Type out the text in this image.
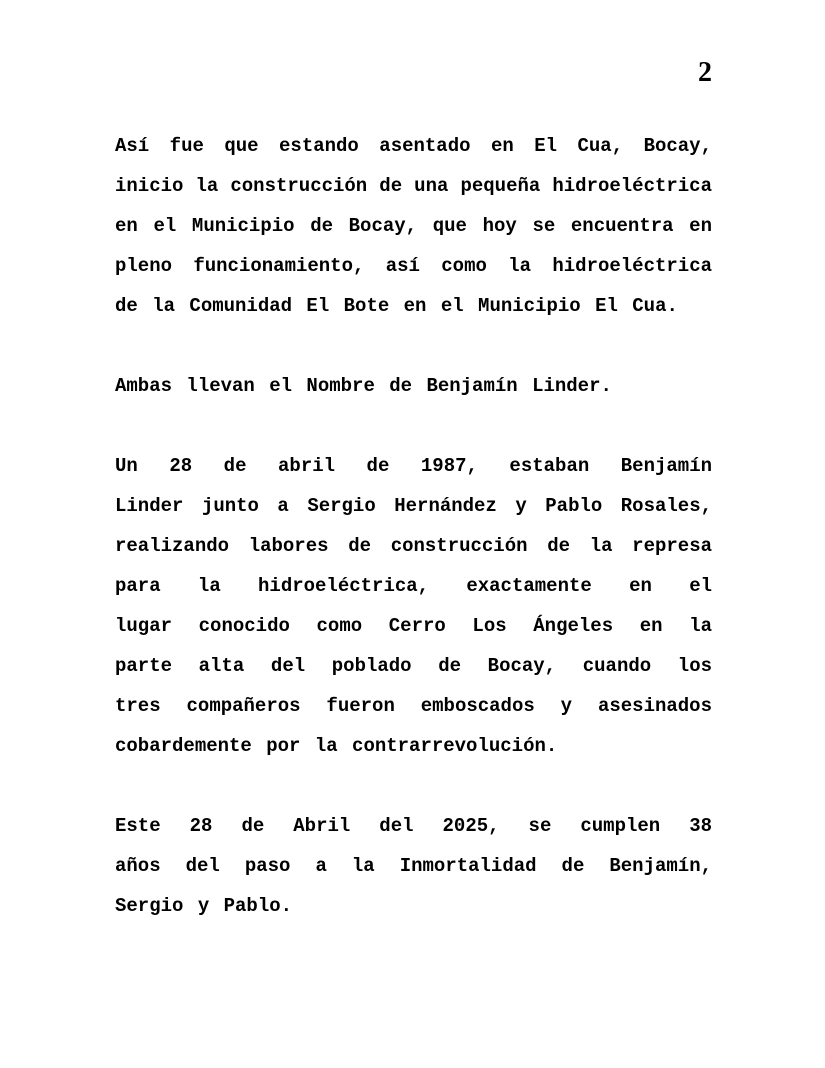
2
Así fue que estando asentado en El Cua, Bocay,
inicio la construcción de una pequeña hidroeléctrica
en el Municipio de Bocay, que hoy se encuentra en
pleno funcionamiento, así como la hidroeléctrica
de la Comunidad El Bote en el Municipio El Cua.
Ambas llevan el Nombre de Benjamín Linder.
Un 28 de abril de 1987, estaban Benjamín
Linder junto a Sergio Hernández y Pablo Rosales,
realizando labores de construcción de la represa
para la hidroeléctrica, exactamente en el
lugar conocido como Cerro Los Ángeles en la
parte alta del poblado de Bocay, cuando los
tres compañeros fueron emboscados y asesinados
cobardemente por la contrarrevolución.
Este 28 de Abril del 2025, se cumplen 38
años del paso a la Inmortalidad de Benjamín,
Sergio y Pablo.
